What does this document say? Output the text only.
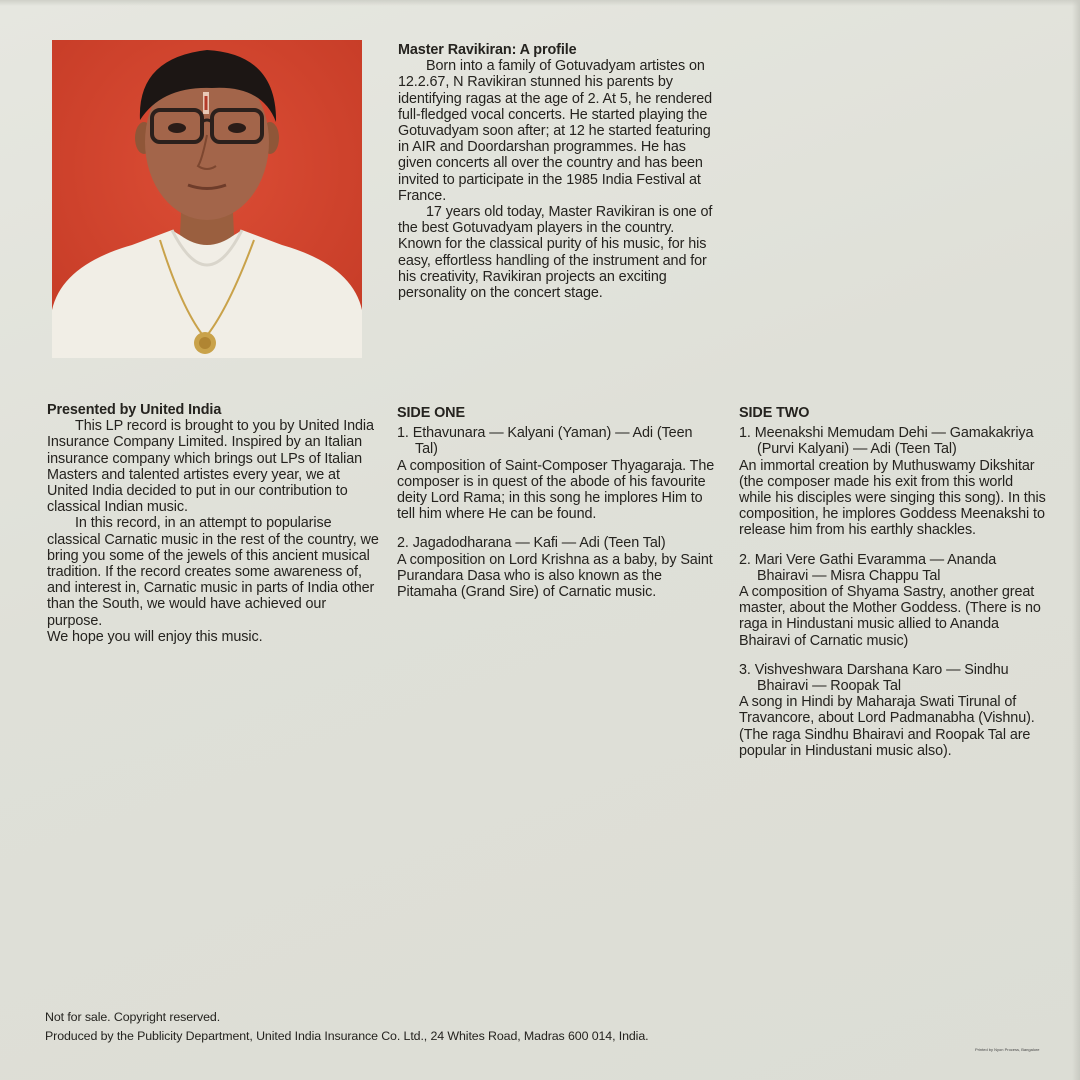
Master Ravikiran: A profile

Born into a family of Gotuvadyam artistes on 12.2.67, N Ravikiran stunned his parents by identifying ragas at the age of 2. At 5, he rendered full-fledged vocal concerts. He started playing the Gotuvadyam soon after; at 12 he started featuring in AIR and Doordarshan programmes. He has given concerts all over the country and has been invited to participate in the 1985 India Festival at France.

17 years old today, Master Ravikiran is one of the best Gotuvadyam players in the country. Known for the classical purity of his music, for his easy, effortless handling of the instrument and for his creativity, Ravikiran projects an exciting personality on the concert stage.

Presented by United India

This LP record is brought to you by United India Insurance Company Limited. Inspired by an Italian insurance company which brings out LPs of Italian Masters and talented artistes every year, we at United India decided to put in our contribution to classical Indian music.

In this record, in an attempt to popularise classical Carnatic music in the rest of the country, we bring you some of the jewels of this ancient musical tradition. If the record creates some awareness of, and interest in, Carnatic music in parts of India other than the South, we would have achieved our purpose.

We hope you will enjoy this music.

SIDE ONE

1. Ethavunara — Kalyani (Yaman) — Adi (Teen Tal)

A composition of Saint-Composer Thyagaraja. The composer is in quest of the abode of his favourite deity Lord Rama; in this song he implores Him to tell him where He can be found.

2. Jagadodharana — Kafi — Adi (Teen Tal)

A composition on Lord Krishna as a baby, by Saint Purandara Dasa who is also known as the Pitamaha (Grand Sire) of Carnatic music.

SIDE TWO

1. Meenakshi Memudam Dehi — Gamakakriya (Purvi Kalyani) — Adi (Teen Tal)

An immortal creation by Muthuswamy Dikshitar (the composer made his exit from this world while his disciples were singing this song). In this composition, he implores Goddess Meenakshi to release him from his earthly shackles.

2. Mari Vere Gathi Evaramma — Ananda Bhairavi — Misra Chappu Tal

A composition of Shyama Sastry, another great master, about the Mother Goddess. (There is no raga in Hindustani music allied to Ananda Bhairavi of Carnatic music)

3. Vishveshwara Darshana Karo — Sindhu Bhairavi — Roopak Tal

A song in Hindi by Maharaja Swati Tirunal of Travancore, about Lord Padmanabha (Vishnu). (The raga Sindhu Bhairavi and Roopak Tal are popular in Hindustani music also).

Not for sale. Copyright reserved.
Produced by the Publicity Department, United India Insurance Co. Ltd., 24 Whites Road, Madras 600 014, India.
Printed by Nyon Process, Bangalore
